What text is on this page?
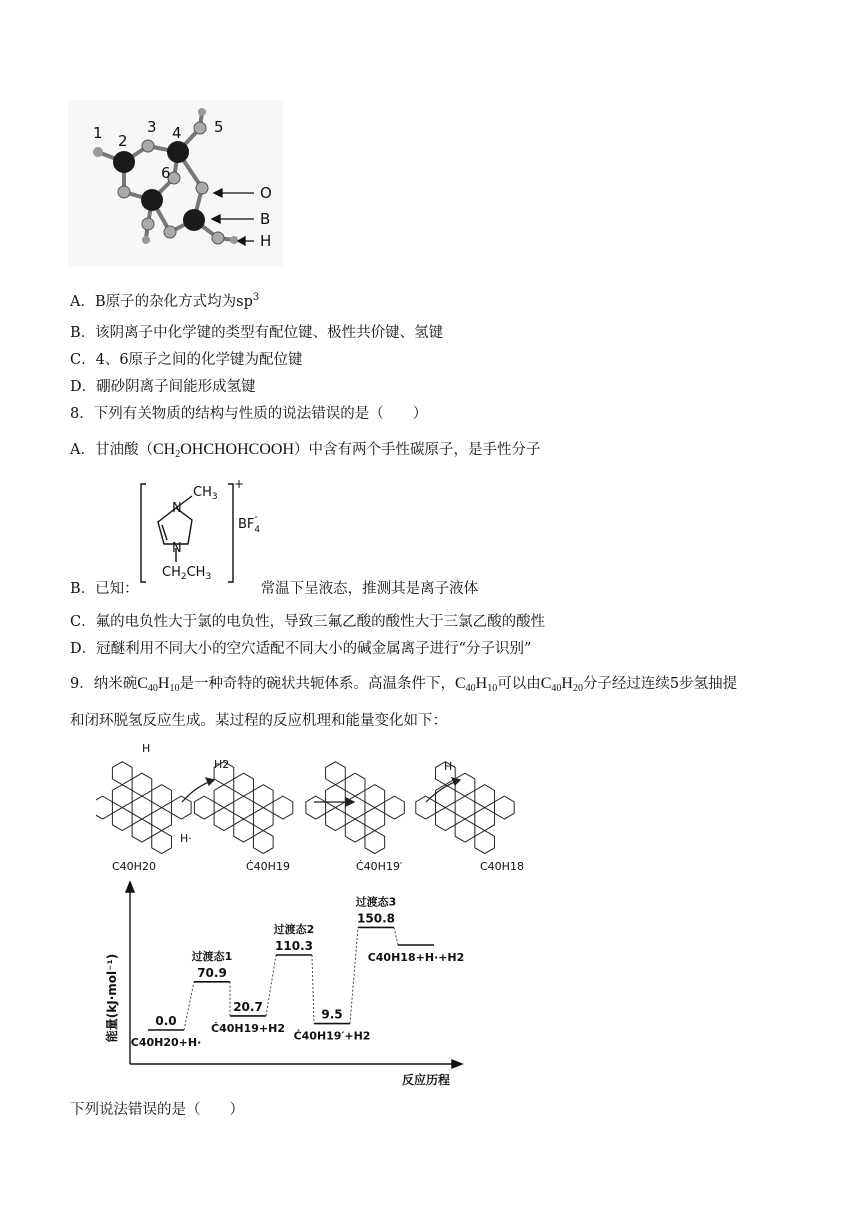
1 2
3 4 5
6
O
B
H
A．B原子的杂化方式均为$sp^3$
B．该阴离子中化学键的类型有配位键、极性共价键、氢键
C．4、6原子之间的化学键为配位键
D．硼砂阴离子间能形成氢键
8．下列有关物质的结构与性质的说法错误的是（　　）
A．甘油酸$(CH_2OHCHOHCOOH)$中含有两个手性碳原子，是手性分子
N
N
$CH_3$
$CH_2CH_3$
+
$BF_4-$
B．已知：	常温下呈液态，推测其是离子液体
C．氟的电负性大于氯的电负性，导致三氟乙酸的酸性大于三氯乙酸的酸性
D．冠醚利用不同大小的空穴适配不同大小的碱金属离子进行“分子识别”
9．纳米碗$C_{40}H_{10}$是一种奇特的碗状共轭体系。高温条件下，$C_{40}H_{10}$可以由$C_{40}H_{20}$分子经过连续5步氢抽提
和闭环脱氢反应生成。某过程的反应机理和能量变化如下：
H
H2
H·
H·
C40H20	Ċ40H19	Ċ40H19′	C40H18
能量(kJ·mol⁻¹)
反应历程
0.0
C40H20+H·
70.9
过渡态1
20.7
Ċ40H19+H2
110.3
过渡态2
9.5
Ċ40H19′+H2
150.8
过渡态3
C40H18+H·+H2
下列说法错误的是（　　）
